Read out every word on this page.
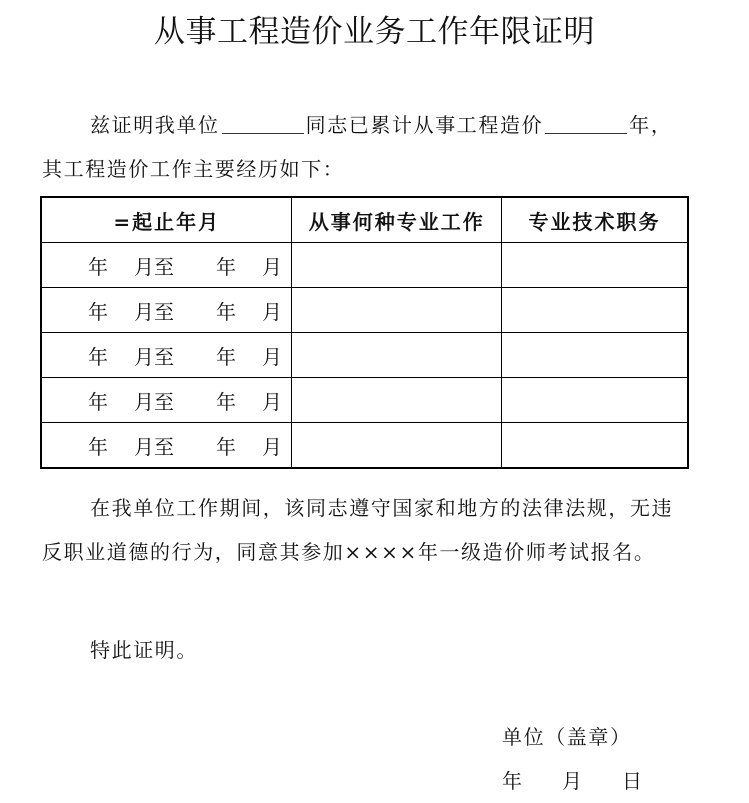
从事工程造价业务工作年限证明
兹证明我单位	同志已累计从事工程造价	年，其工程造价工作主要经历如下：
=起止年月	从事何种专业工作	专业技术职务
年 月至 年 月		
年 月至 年 月		
年 月至 年 月		
年 月至 年 月		
年 月至 年 月		
在我单位工作期间，该同志遵守国家和地方的法律法规，无违反职业道德的行为，同意其参加××××年一级造价师考试报名。
特此证明。
单位（盖章）
年 月 日
